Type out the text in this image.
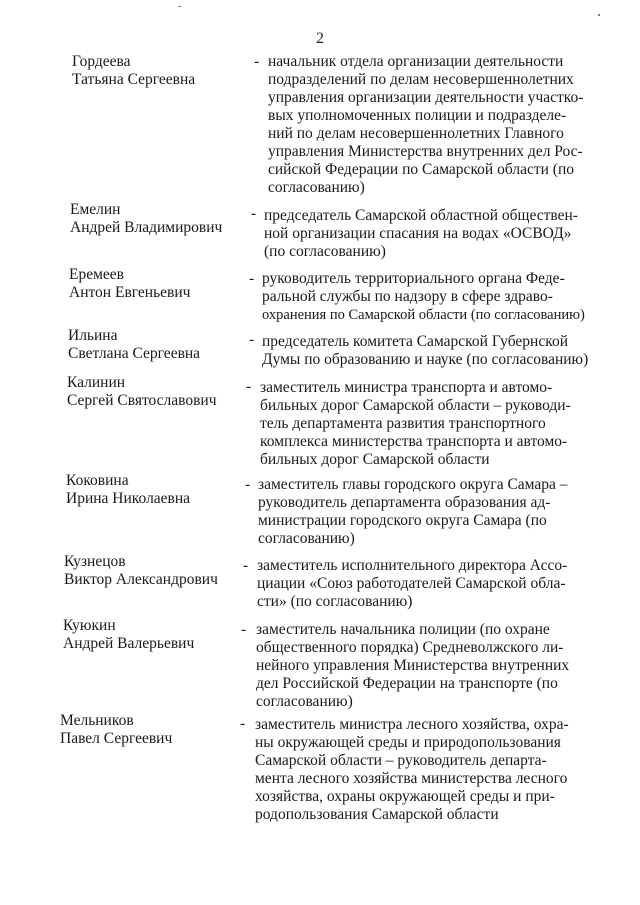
2
Гордеева
Татьяна Сергеевна
- начальник отдела организации деятельности
подразделений по делам несовершеннолетних
управления организации деятельности участко-
вых уполномоченных полиции и подразделе-
ний по делам несовершеннолетних Главного
управления Министерства внутренних дел Рос-
сийской Федерации по Самарской области (по
согласованию)
Емелин
Андрей Владимирович
- председатель Самарской областной обществен-
ной организации спасания на водах «ОСВОД»
(по согласованию)
Еремеев
Антон Евгеньевич
- руководитель территориального органа Феде-
ральной службы по надзору в сфере здраво-
охранения по Самарской области (по согласованию)
Ильина
Светлана Сергеевна
- председатель комитета Самарской Губернской
Думы по образованию и науке (по согласованию)
Калинин
Сергей Святославович
- заместитель министра транспорта и автомо-
бильных дорог Самарской области – руководи-
тель департамента развития транспортного
комплекса министерства транспорта и автомо-
бильных дорог Самарской области
Коковина
Ирина Николаевна
- заместитель главы городского округа Самара –
руководитель департамента образования ад-
министрации городского округа Самара (по
согласованию)
Кузнецов
Виктор Александрович
- заместитель исполнительного директора Ассо-
циации «Союз работодателей Самарской обла-
сти» (по согласованию)
Куюкин
Андрей Валерьевич
- заместитель начальника полиции (по охране
общественного порядка) Средневолжского ли-
нейного управления Министерства внутренних
дел Российской Федерации на транспорте (по
согласованию)
Мельников
Павел Сергеевич
- заместитель министра лесного хозяйства, охра-
ны окружающей среды и природопользования
Самарской области – руководитель департа-
мента лесного хозяйства министерства лесного
хозяйства, охраны окружающей среды и при-
родопользования Самарской области
